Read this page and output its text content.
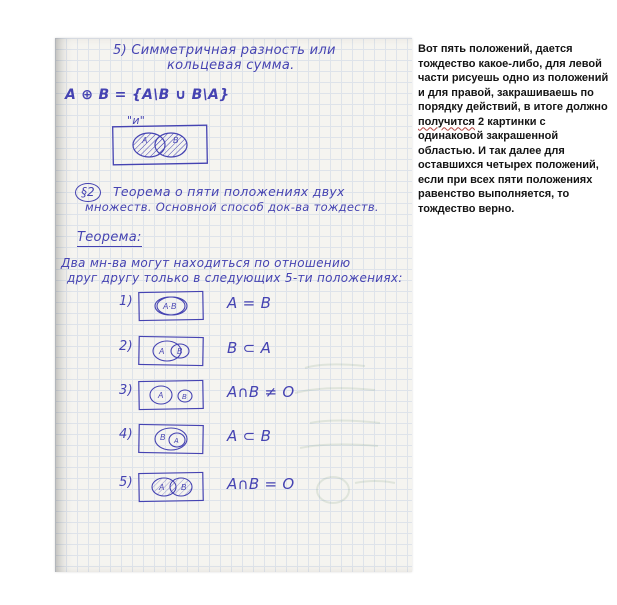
5) Симметричная разность или
кольцевая сумма.
A ⊕ B = {A\B ∪ B\A}
"и"
A	B
§2	Теорема о пяти положениях двух
множеств. Основной способ док-ва тождеств.
Теорема:
Два мн-ва могут находиться по отношению
друг другу только в следующих 5-ти положениях:
1)	A·B	A = B
2)	A B	B ⊂ A
3)	A	B	A∩B ≠ O
4)	B A	A ⊂ B
5)	A B	A∩B = O
Вот пять положений, дается тождество какое-либо, для левой части рисуешь одно из положений и для правой, закрашиваешь по порядку действий, в итоге должно получится 2 картинки с одинаковой закрашенной областью. И так далее для оставшихся четырех положений, если при всех пяти положениях равенство выполняется, то тождество верно.
